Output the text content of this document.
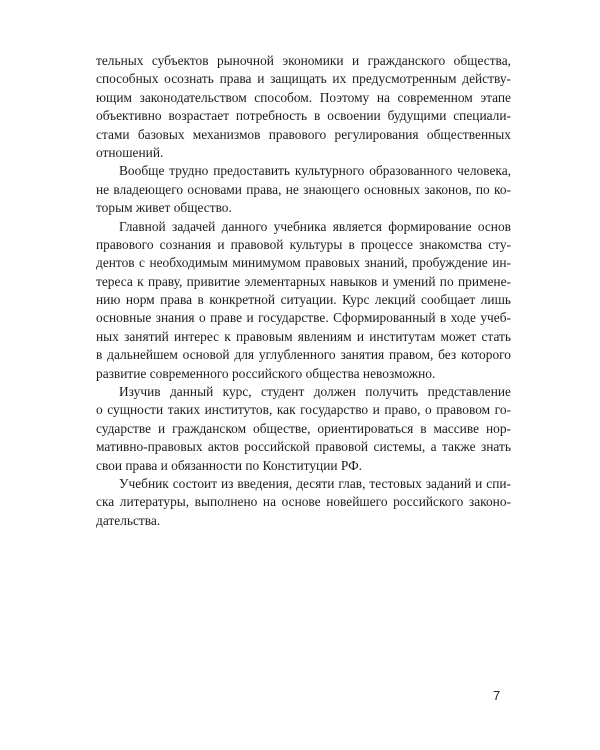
тельных субъектов рыночной экономики и гражданского общества,
способных осознать права и защищать их предусмотренным действу-
ющим законодательством способом. Поэтому на современном этапе
объективно возрастает потребность в освоении будущими специали-
стами базовых механизмов правового регулирования общественных
отношений.

Вообще трудно предоставить культурного образованного человека,
не владеющего основами права, не знающего основных законов, по ко-
торым живет общество.

Главной задачей данного учебника является формирование основ
правового сознания и правовой культуры в процессе знакомства сту-
дентов с необходимым минимумом правовых знаний, пробуждение ин-
тереса к праву, привитие элементарных навыков и умений по примене-
нию норм права в конкретной ситуации. Курс лекций сообщает лишь
основные знания о праве и государстве. Сформированный в ходе учеб-
ных занятий интерес к правовым явлениям и институтам может стать
в дальнейшем основой для углубленного занятия правом, без которого
развитие современного российского общества невозможно.

Изучив данный курс, студент должен получить представление
о сущности таких институтов, как государство и право, о правовом го-
сударстве и гражданском обществе, ориентироваться в массиве нор-
мативно-правовых актов российской правовой системы, а также знать
свои права и обязанности по Конституции РФ.

Учебник состоит из введения, десяти глав, тестовых заданий и спи-
ска литературы, выполнено на основе новейшего российского законо-
дательства.

7
